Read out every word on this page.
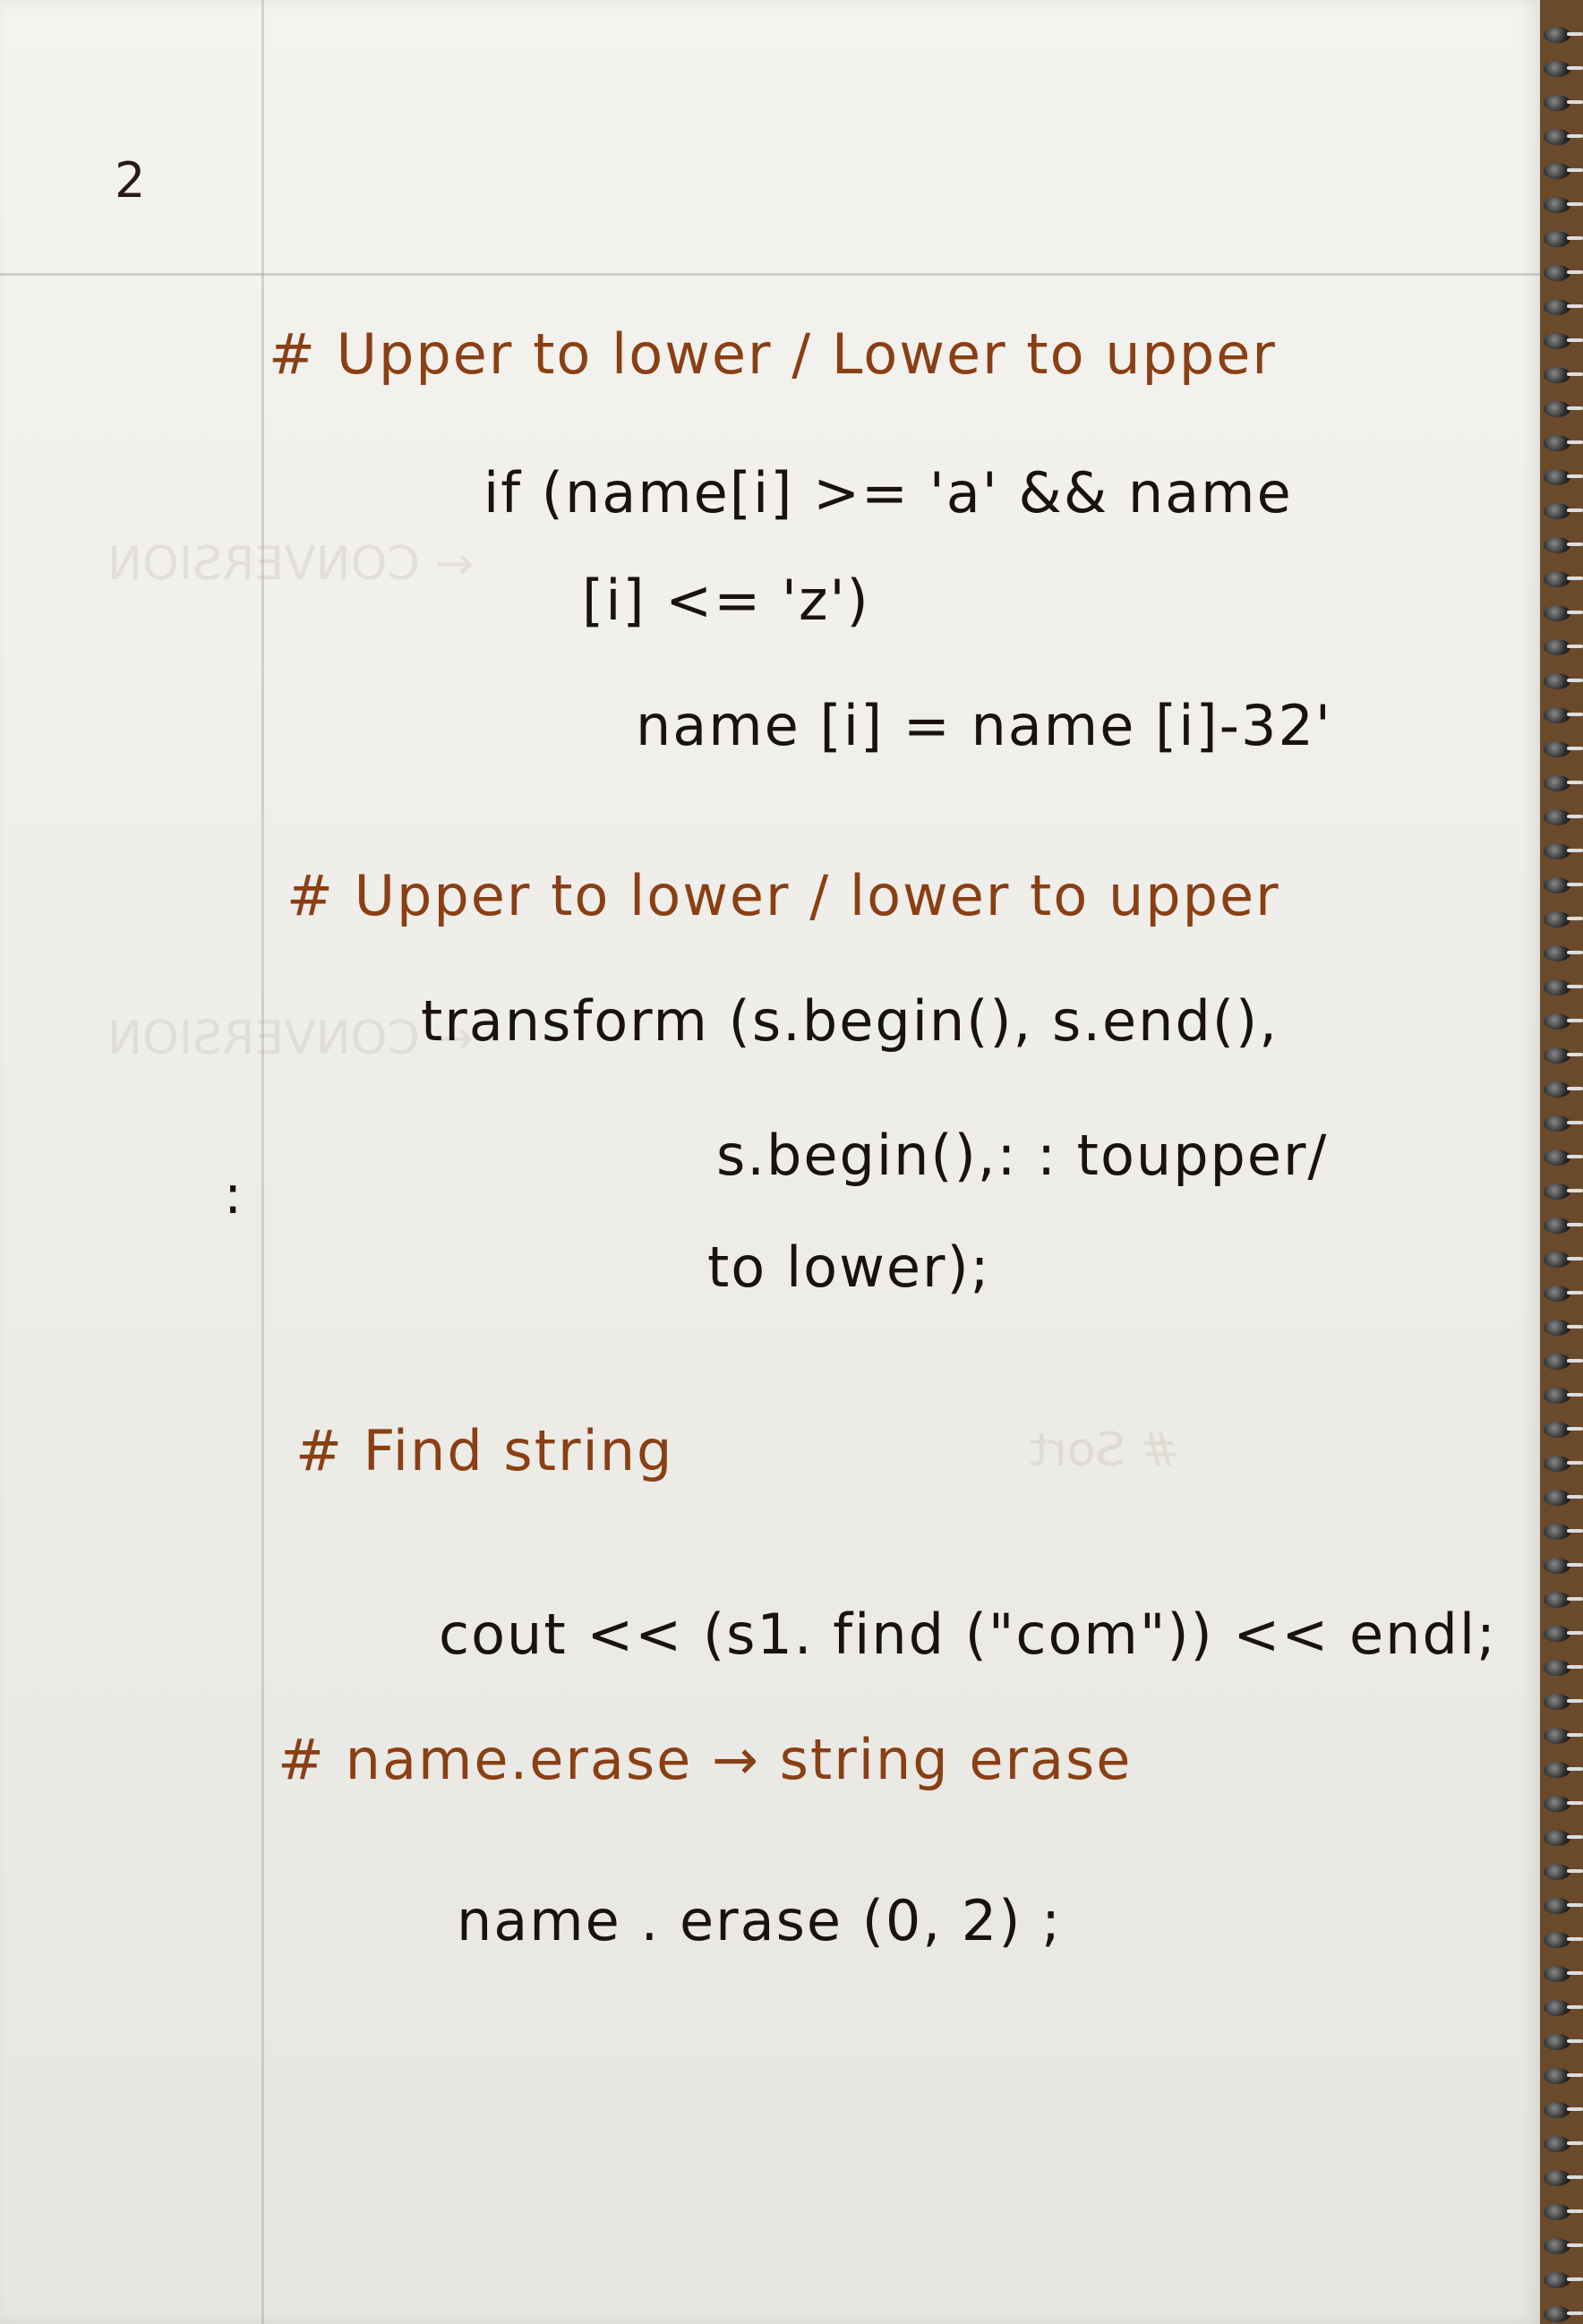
← CONVERSION
← CONVERSION
# Sort
2
# Upper to lower / Lower to upper
if (name[i] >= 'a' && name
[i] <= 'z')
name [i] = name [i]-32'
# Upper to lower / lower to upper
transform (s.begin(), s.end(),
s.begin(),: : toupper/
to lower);
:
# Find string
cout << (s1. find ("com")) << endl;
# name.erase → string erase
name . erase (0, 2) ;
